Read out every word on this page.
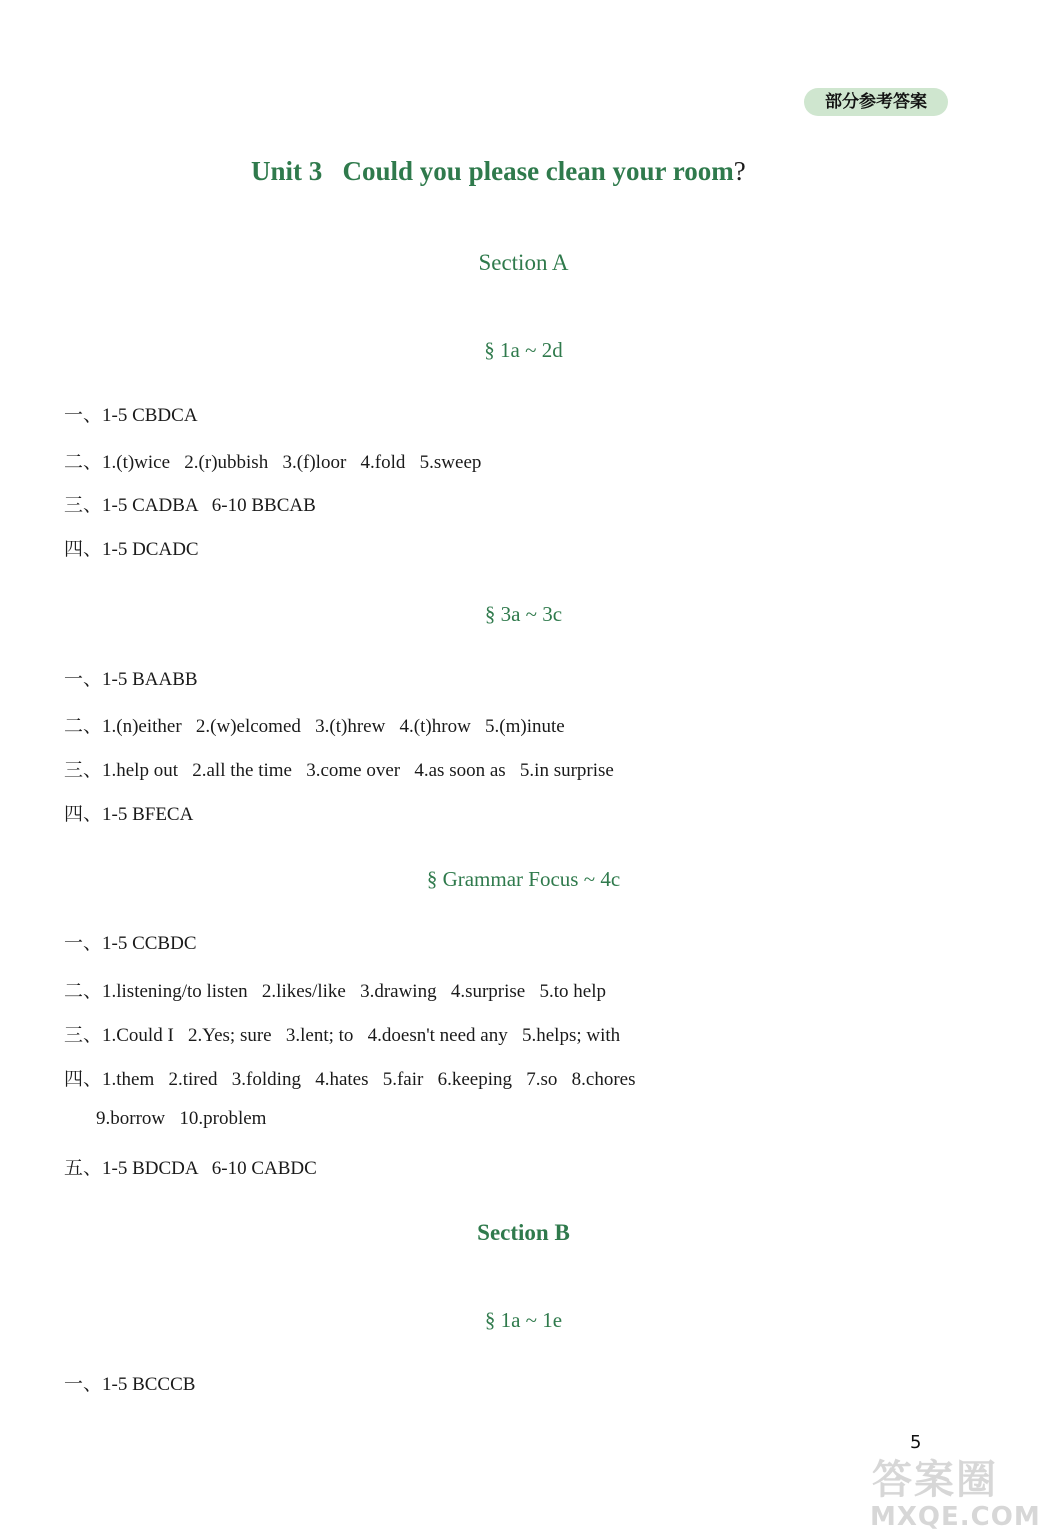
部分参考答案
Unit 3 Could you please clean your room?
Section A
§ 1a ~ 2d
一、1-5 CBDCA
二、1.(t)wice   2.(r)ubbish   3.(f)loor   4.fold   5.sweep
三、1-5 CADBA   6-10 BBCAB
四、1-5 DCADC
§ 3a ~ 3c
一、1-5 BAABB
二、1.(n)either   2.(w)elcomed   3.(t)hrew   4.(t)hrow   5.(m)inute
三、1.help out   2.all the time   3.come over   4.as soon as   5.in surprise
四、1-5 BFECA
§ Grammar Focus ~ 4c
一、1-5 CCBDC
二、1.listening/to listen   2.likes/like   3.drawing   4.surprise   5.to help
三、1.Could I   2.Yes; sure   3.lent; to   4.doesn't need any   5.helps; with
四、1.them   2.tired   3.folding   4.hates   5.fair   6.keeping   7.so   8.chores
9.borrow   10.problem
五、1-5 BDCDA   6-10 CABDC
Section B
§ 1a ~ 1e
一、1-5 BCCCB
5
答案圈
MXQE.COM
